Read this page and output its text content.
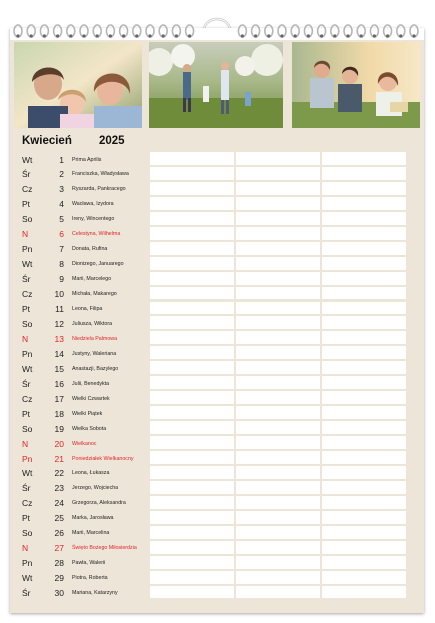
Kwiecień 2025
Wt	1 Prima Aprilis
Śr	2 Franciszka, Władysława
Cz	3 Ryszarda, Pankracego
Pt	4 Wacława, Izydora
So	5 Ireny, Wincentego
N	6 Celestyna, Wilhelma
Pn	7 Donata, Rufina
Wt	8 Dionizego, Januarego
Śr	9 Marii, Marcelego
Cz	10 Michała, Makarego
Pt	11 Leona, Filipa
So	12 Juliusza, Wiktora
N	13 Niedziela Palmowa
Pn	14 Justyny, Waleriana
Wt	15 Anastazji, Bazylego
Śr	16 Julii, Benedykta
Cz	17 Wielki Czwartek
Pt	18 Wielki Piątek
So	19 Wielka Sobota
N	20 Wielkanoc
Pn	21 Poniedziałek Wielkanocny
Wt	22 Leona, Łukasza
Śr	23 Jerzego, Wojciecha
Cz	24 Grzegorza, Aleksandra
Pt	25 Marka, Jarosława
So	26 Marii, Marcelina
N	27 Święto Bożego Miłosierdzia
Pn	28 Pawła, Walerii
Wt	29 Piotra, Roberta
Śr	30 Mariana, Katarzyny
